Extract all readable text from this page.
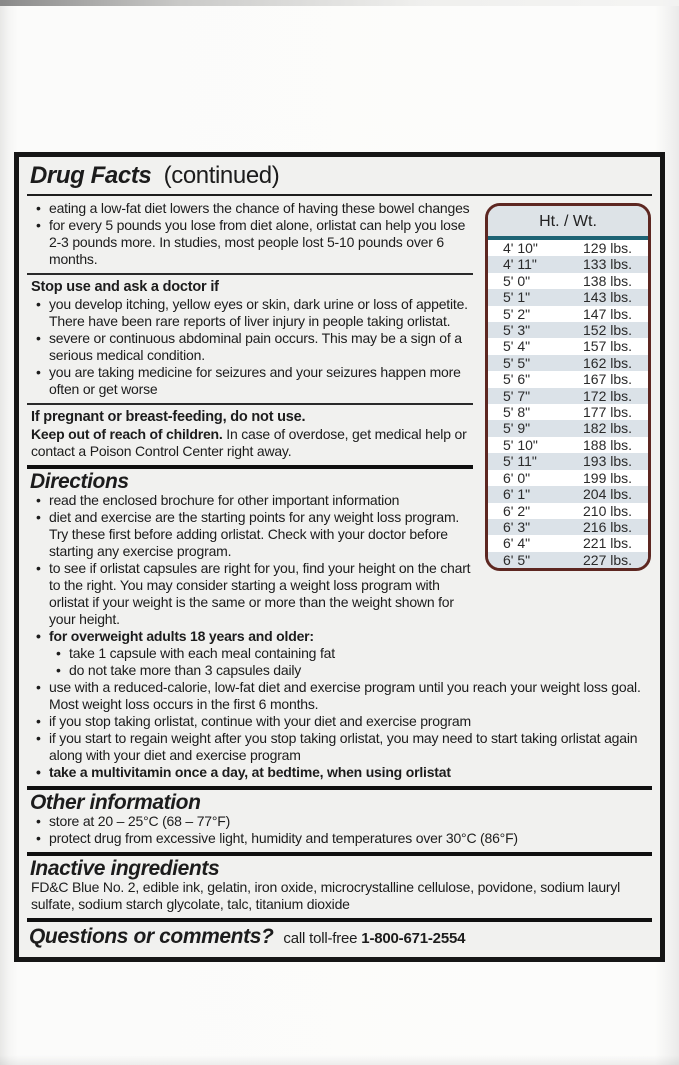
Drug Facts (continued)
Ht. / Wt.
4' 10"	129 lbs.
4' 11"	133 lbs.
5' 0"	138 lbs.
5' 1"	143 lbs.
5' 2"	147 lbs.
5' 3"	152 lbs.
5' 4"	157 lbs.
5' 5"	162 lbs.
5' 6"	167 lbs.
5' 7"	172 lbs.
5' 8"	177 lbs.
5' 9"	182 lbs.
5' 10"	188 lbs.
5' 11"	193 lbs.
6' 0"	199 lbs.
6' 1"	204 lbs.
6' 2"	210 lbs.
6' 3"	216 lbs.
6' 4"	221 lbs.
6' 5"	227 lbs.
• eating a low-fat diet lowers the chance of having these bowel changes
• for every 5 pounds you lose from diet alone, orlistat can help you lose 2-3 pounds more. In studies, most people lost 5-10 pounds over 6 months.
Stop use and ask a doctor if
• you develop itching, yellow eyes or skin, dark urine or loss of appetite. There have been rare reports of liver injury in people taking orlistat.
• severe or continuous abdominal pain occurs. This may be a sign of a serious medical condition.
• you are taking medicine for seizures and your seizures happen more often or get worse
If pregnant or breast-feeding, do not use.
Keep out of reach of children. In case of overdose, get medical help or contact a Poison Control Center right away.
Directions
• read the enclosed brochure for other important information
• diet and exercise are the starting points for any weight loss program. Try these first before adding orlistat. Check with your doctor before starting any exercise program.
• to see if orlistat capsules are right for you, find your height on the chart to the right. You may consider starting a weight loss program with orlistat if your weight is the same or more than the weight shown for your height.
• for overweight adults 18 years and older:
• take 1 capsule with each meal containing fat
• do not take more than 3 capsules daily
• use with a reduced-calorie, low-fat diet and exercise program until you reach your weight loss goal. Most weight loss occurs in the first 6 months.
• if you stop taking orlistat, continue with your diet and exercise program
• if you start to regain weight after you stop taking orlistat, you may need to start taking orlistat again along with your diet and exercise program
• take a multivitamin once a day, at bedtime, when using orlistat
Other information
• store at 20 – 25°C (68 – 77°F)
• protect drug from excessive light, humidity and temperatures over 30°C (86°F)
Inactive ingredients
FD&C Blue No. 2, edible ink, gelatin, iron oxide, microcrystalline cellulose, povidone, sodium lauryl sulfate, sodium starch glycolate, talc, titanium dioxide
Questions or comments? call toll-free 1-800-671-2554
